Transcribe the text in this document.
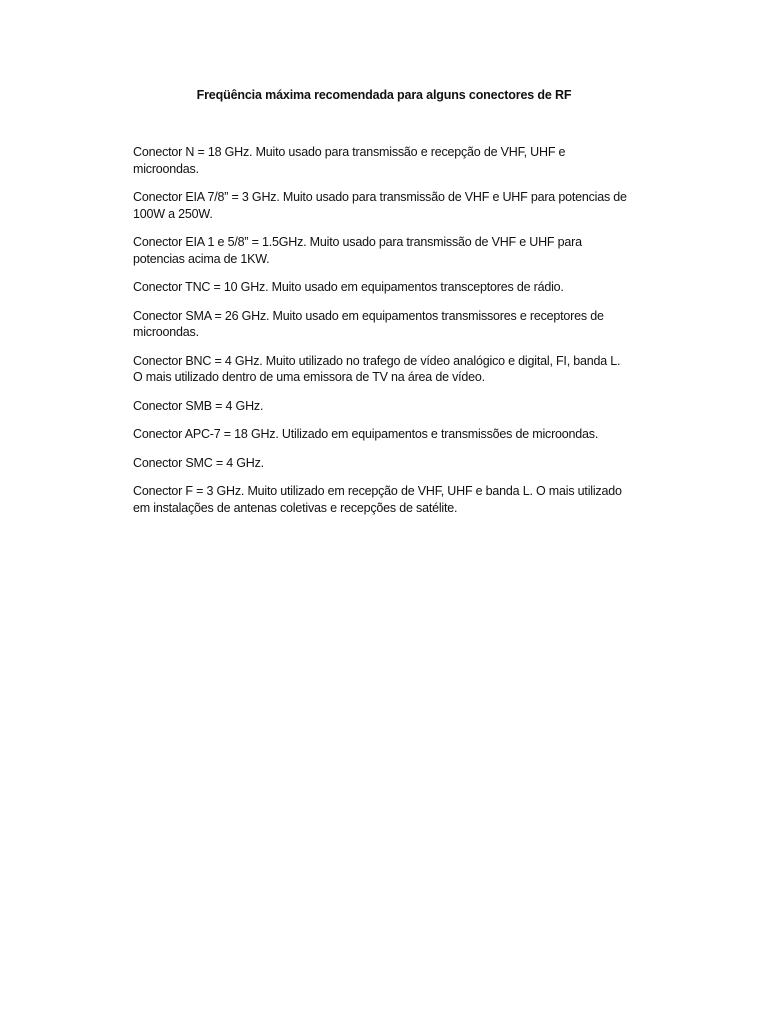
Freqüência máxima recomendada para alguns conectores de RF

Conector N = 18 GHz. Muito usado para transmissão e recepção de VHF, UHF e microondas.

Conector EIA 7/8” = 3 GHz. Muito usado para transmissão de VHF e UHF para potencias de 100W a 250W.

Conector EIA 1 e 5/8” = 1.5GHz. Muito usado para transmissão de VHF e UHF para potencias acima de 1KW.

Conector TNC = 10 GHz. Muito usado em equipamentos transceptores de rádio.

Conector SMA = 26 GHz. Muito usado em equipamentos transmissores e receptores de microondas.

Conector BNC = 4 GHz. Muito utilizado no trafego de vídeo analógico e digital, FI, banda L. O mais utilizado dentro de uma emissora de TV na área de vídeo.

Conector SMB = 4 GHz.

Conector APC-7 = 18 GHz. Utilizado em equipamentos e transmissões de microondas.

Conector SMC = 4 GHz.

Conector F = 3 GHz. Muito utilizado em recepção de VHF, UHF e banda L. O mais utilizado em instalações de antenas coletivas e recepções de satélite.
